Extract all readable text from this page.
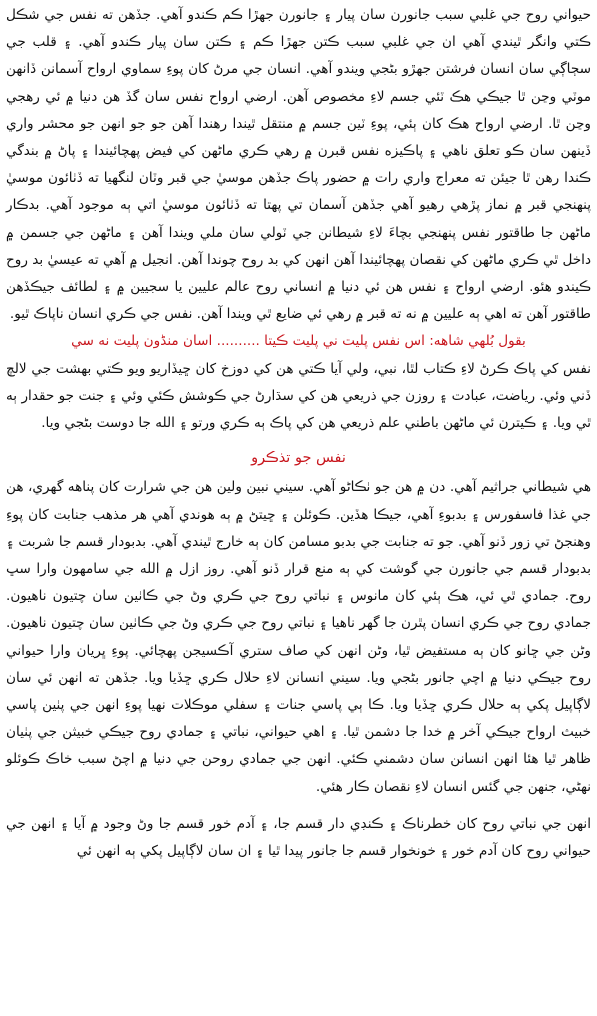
حيواني روح جي غلبي سبب جانورن سان پيار ۽ جانورن جهڙا ڪم ڪندو آهي. جڏهن ته نفس جي شڪل ڪتي وانگر ٿيندي آهي ان جي غلبي سبب ڪتن جهڙا ڪم ۽ ڪتن سان پيار ڪندو آهي. ۽ قلب جي سڄاڳي سان انسان فرشتن جهڙو بڻجي ويندو آهي. انسان جي مرڻ کان پوءِ سماوي ارواح آسمانن ڏانهن موٽي وڃن ٿا جيڪي هڪ ٽئي جسم لاءِ مخصوص آهن. ارضي ارواح نفس سان گڏ هن دنيا ۾ ئي رهجي وڃن ٿا. ارضي ارواح هڪ کان ٻئي، پوءِ ٽين جسم ۾ منتقل ٿيندا رهندا آهن جو جو انهن جو محشر واري ڏينهن سان ڪو تعلق ناهي ۽ پاڪيزه نفس قبرن ۾ رهي ڪري ماڻهن کي فيض پهچائيندا ۽ پاڻ ۾ بندگي ڪندا رهن ٿا جيئن ته معراج واري رات ۾ حضور پاڪ جڏهن موسيٰ جي قبر وٽان لنگهيا ته ڏٺائون موسيٰ پنهنجي قبر ۾ نماز پڙهي رهيو آهي جڏهن آسمان تي پهتا ته ڏٺائون موسيٰ اتي ٻه موجود آهي. بدڪار ماڻهن جا طاقتور نفس پنهنجي بچاءَ لاءِ شيطانن جي ٽولي سان ملي ويندا آهن ۽ ماڻهن جي جسمن ۾ داخل ٿي ڪري ماڻهن کي نقصان پهچائيندا آهن انهن کي بد روح چوندا آهن. انجيل ۾ آهي ته عيسيٰ بد روح ڪيندو هئو. ارضي ارواح ۽ نفس هن ئي دنيا ۾ انساني روح عالم عليين يا سجيين ۾ ۽ لطائف جيڪڏهن طاقتور آهن ته اهي ٻه عليين ۾ نه ته قبر ۾ رهي ئي ضايع ٿي ويندا آهن. نفس جي ڪري انسان ناپاڪ ٿيو.

بقول بُلهي شاهه: اس نفس پليت ني پليت ڪيتا .......... اسان منڈون پليت نه سي

نفس کي پاڪ ڪرڻ لاءِ ڪتاب لٿا، نبي، ولي آيا ڪتي هن کي دوزخ کان ڇيڏاريو ويو ڪتي بهشت جي لالچ ڏني وئي. رياضت، عبادت ۽ روزن جي ذريعي هن کي سڌارڻ جي ڪوشش ڪئي وئي ۽ جنت جو حقدار ٻه ٿي ويا. ۽ ڪيترن ئي ماڻهن باطني علم ذريعي هن کي پاڪ ٻه ڪري ورتو ۽ الله جا دوست بڻجي ويا.

نفس جو تذڪرو

هي شيطاني جراثيم آهي. دن ۾ هن جو ٺڪاڻو آهي. سيني نبين ولين هن جي شرارت کان پناهه گهري، هن جي غذا فاسفورس ۽ بدبوءِ آهي، جيڪا هڏين. ڪوئلن ۽ ڇيتڻ ۾ ٻه هوندي آهي هر مذهب جنابت کان پوءِ وهنجڻ تي زور ڏنو آهي. جو ته جنابت جي بدبو مسامن کان ٻه خارج ٿيندي آهي. بدبودار قسم جا شربت ۽ بدبودار قسم جي جانورن جي گوشت کي ٻه منع قرار ڏنو آهي. روز ازل ۾ الله جي سامهون وارا سڀ روح. جمادي ٿي ئي، هڪ ٻئي کان مانوس ۽ نباتي روح جي ڪري وڻ جي ڪاٺين سان چتيون ناهيون. جمادي روح جي ڪري انسان پٿرن جا گهر ناهيا ۽ نباتي روح جي ڪري وڻ جي ڪاٺين سان چتيون ناهيون. وڻن جي ڇانو کان ٻه مستفيض ٿيا، وڻن انهن کي صاف ستري آڪسيجن پهچائي. پوءِ ڀريان وارا حيواني روح جيڪي دنيا ۾ اچي جانور بڻجي ويا. سيني انسانن لاءِ حلال ڪري ڇڏيا ويا. جڏهن ته انهن ئي سان لاڳاپيل پکي ٻه حلال ڪري ڇڏيا ويا. ڪا ٻي پاسي جنات ۽ سفلي موڪلات نهيا پوءِ انهن جي پٺين پاسي خبيث ارواح جيڪي آخر ۾ خدا جا دشمن ٿيا. ۽ اهي حيواني، نباتي ۽ جمادي روح جيڪي خبيثن جي پٺيان ظاهر ٿيا هئا انهن انسانن سان دشمني ڪئي. انهن جي جمادي روحن جي دنيا ۾ اچڻ سبب خاڪ ڪوئلو نهڻي، جنهن جي گئس انسان لاءِ نقصان ڪار هئي.

انهن جي نباتي روح کان خطرناڪ ۽ ڪنڊي دار قسم جا، ۽ آدم خور قسم جا وڻ وجود ۾ آيا ۽ انهن جي حيواني روح کان آدم خور ۽ خونخوار قسم جا جانور پيدا ٿيا ۽ ان سان لاڳاپيل پکي ٻه انهن ئي
